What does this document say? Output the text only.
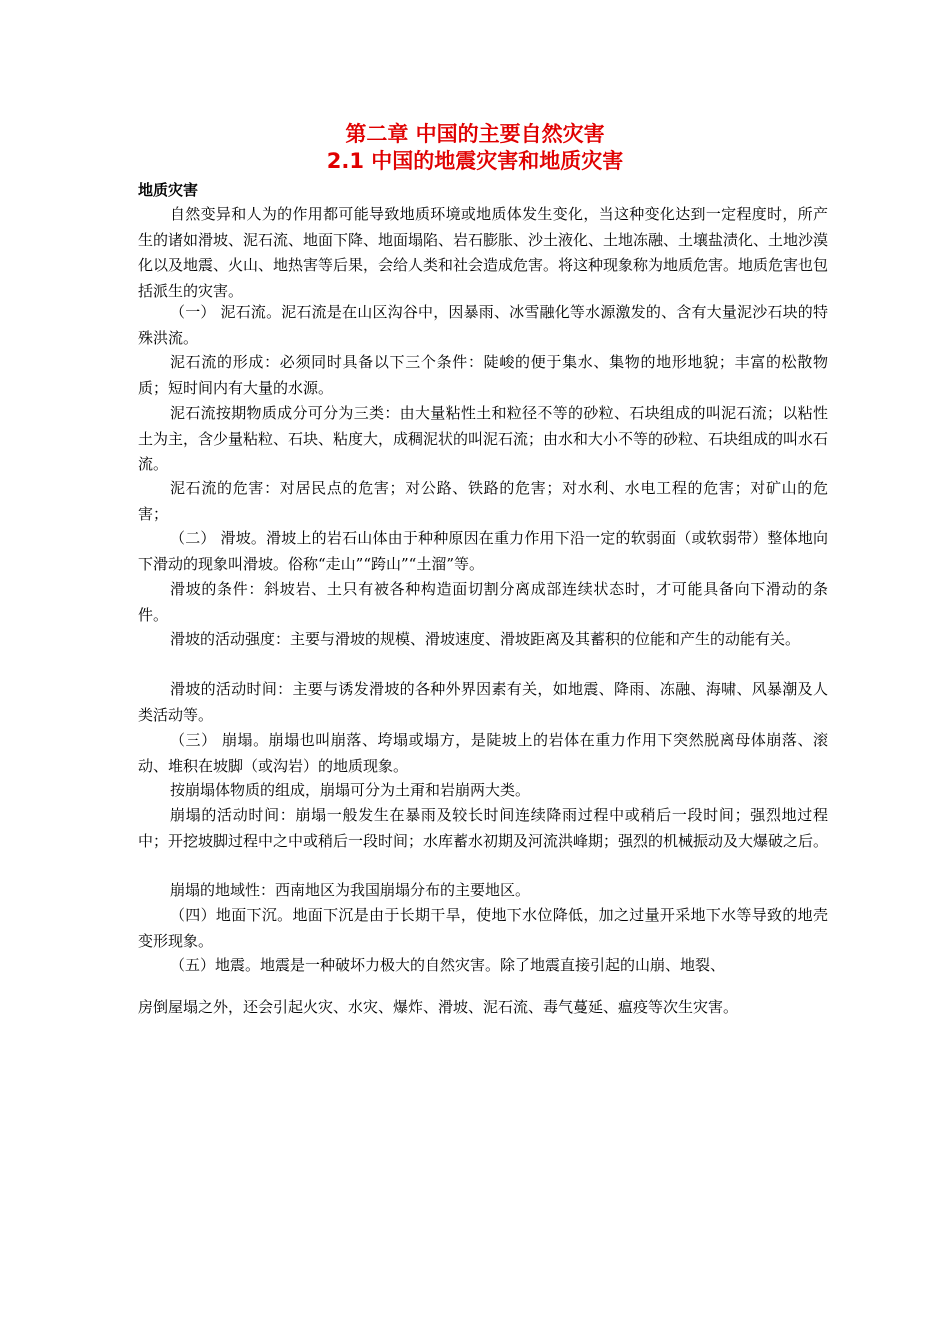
第二章 中国的主要自然灾害
2.1 中国的地震灾害和地质灾害
地质灾害

自然变异和人为的作用都可能导致地质环境或地质体发生变化，当这种变化达到一定程度时，所产生的诸如滑坡、泥石流、地面下降、地面塌陷、岩石膨胀、沙土液化、土地冻融、土壤盐渍化、土地沙漠化以及地震、火山、地热害等后果，会给人类和社会造成危害。将这种现象称为地质危害。地质危害也包括派生的灾害。

（一） 泥石流。泥石流是在山区沟谷中，因暴雨、冰雪融化等水源激发的、含有大量泥沙石块的特殊洪流。

泥石流的形成：必须同时具备以下三个条件：陡峻的便于集水、集物的地形地貌；丰富的松散物质；短时间内有大量的水源。

泥石流按期物质成分可分为三类：由大量粘性土和粒径不等的砂粒、石块组成的叫泥石流；以粘性土为主，含少量粘粒、石块、粘度大，成稠泥状的叫泥石流；由水和大小不等的砂粒、石块组成的叫水石流。

泥石流的危害：对居民点的危害；对公路、铁路的危害；对水利、水电工程的危害；对矿山的危害；

（二） 滑坡。滑坡上的岩石山体由于种种原因在重力作用下沿一定的软弱面（或软弱带）整体地向下滑动的现象叫滑坡。俗称“走山”“跨山”“土溜”等。

滑坡的条件：斜坡岩、土只有被各种构造面切割分离成部连续状态时，才可能具备向下滑动的条件。

滑坡的活动强度：主要与滑坡的规模、滑坡速度、滑坡距离及其蓄积的位能和产生的动能有关。

滑坡的活动时间：主要与诱发滑坡的各种外界因素有关，如地震、降雨、冻融、海啸、风暴潮及人类活动等。

（三） 崩塌。崩塌也叫崩落、垮塌或塌方，是陡坡上的岩体在重力作用下突然脱离母体崩落、滚动、堆积在坡脚（或沟岩）的地质现象。

按崩塌体物质的组成，崩塌可分为土甭和岩崩两大类。

崩塌的活动时间：崩塌一般发生在暴雨及较长时间连续降雨过程中或稍后一段时间；强烈地过程中；开挖坡脚过程中之中或稍后一段时间；水库蓄水初期及河流洪峰期；强烈的机械振动及大爆破之后。

崩塌的地域性：西南地区为我国崩塌分布的主要地区。

（四）地面下沉。地面下沉是由于长期干旱，使地下水位降低，加之过量开采地下水等导致的地壳变形现象。

（五）地震。地震是一种破坏力极大的自然灾害。除了地震直接引起的山崩、地裂、

房倒屋塌之外，还会引起火灾、水灾、爆炸、滑坡、泥石流、毒气蔓延、瘟疫等次生灾害。
